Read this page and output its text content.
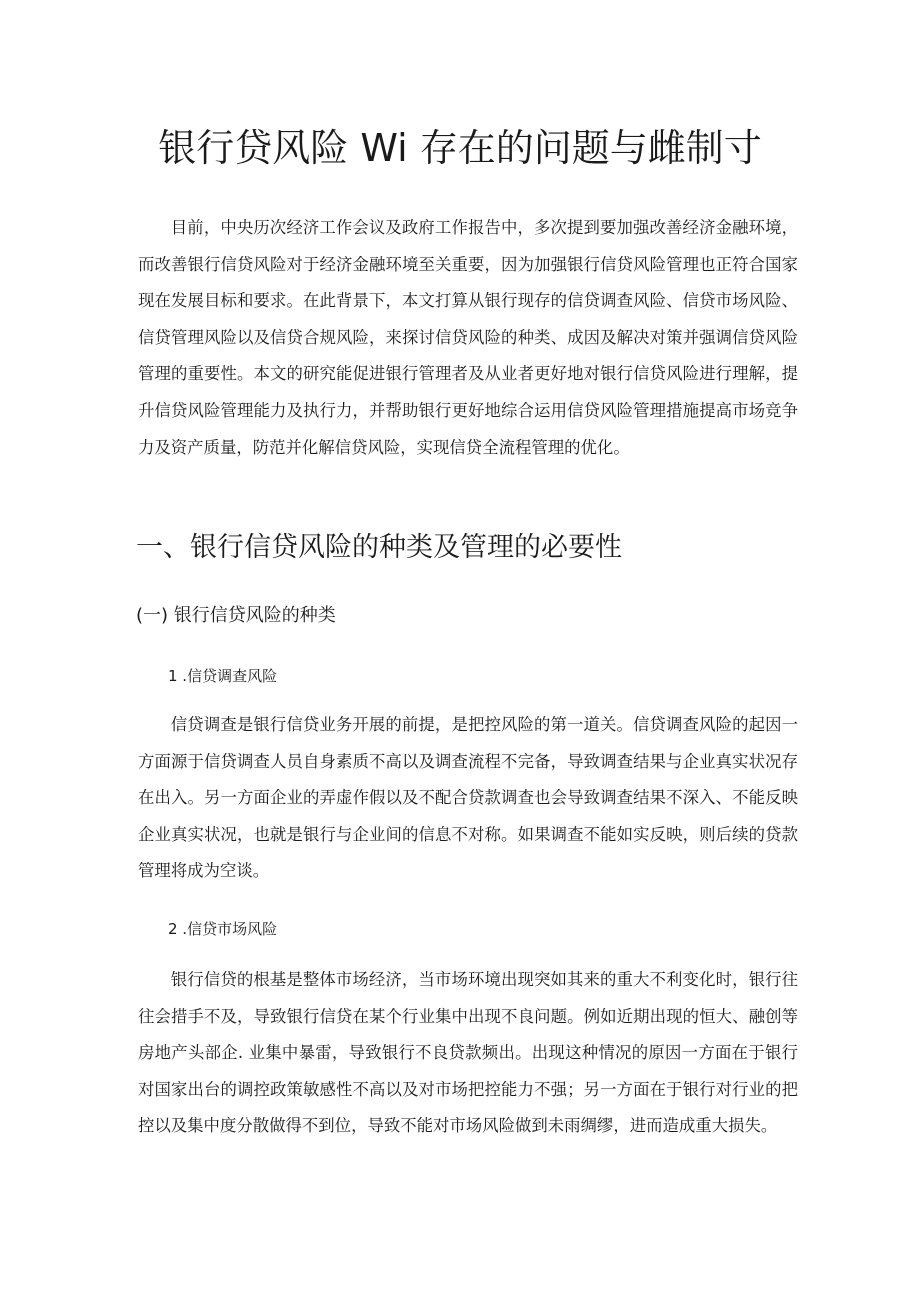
银行贷风险 Wi 存在的问题与雌制寸

目前，中央历次经济工作会议及政府工作报告中，多次提到要加强改善经济金融环境，而改善银行信贷风险对于经济金融环境至关重要，因为加强银行信贷风险管理也正符合国家现在发展目标和要求。在此背景下，本文打算从银行现存的信贷调查风险、信贷市场风险、信贷管理风险以及信贷合规风险，来探讨信贷风险的种类、成因及解决对策并强调信贷风险管理的重要性。本文的研究能促进银行管理者及从业者更好地对银行信贷风险进行理解，提升信贷风险管理能力及执行力，并帮助银行更好地综合运用信贷风险管理措施提高市场竞争力及资产质量，防范并化解信贷风险，实现信贷全流程管理的优化。

一、银行信贷风险的种类及管理的必要性
(一) 银行信贷风险的种类
1 .信贷调查风险

信贷调查是银行信贷业务开展的前提，是把控风险的第一道关。信贷调查风险的起因一方面源于信贷调查人员自身素质不高以及调查流程不完备，导致调查结果与企业真实状况存在出入。另一方面企业的弄虚作假以及不配合贷款调查也会导致调查结果不深入、不能反映企业真实状况，也就是银行与企业间的信息不对称。如果调查不能如实反映，则后续的贷款管理将成为空谈。

2 .信贷市场风险

银行信贷的根基是整体市场经济，当市场环境出现突如其来的重大不利变化时，银行往往会措手不及，导致银行信贷在某个行业集中出现不良问题。例如近期出现的恒大、融创等房地产头部企. 业集中暴雷，导致银行不良贷款频出。出现这种情况的原因一方面在于银行对国家出台的调控政策敏感性不高以及对市场把控能力不强；另一方面在于银行对行业的把控以及集中度分散做得不到位，导致不能对市场风险做到未雨绸缪，进而造成重大损失。
